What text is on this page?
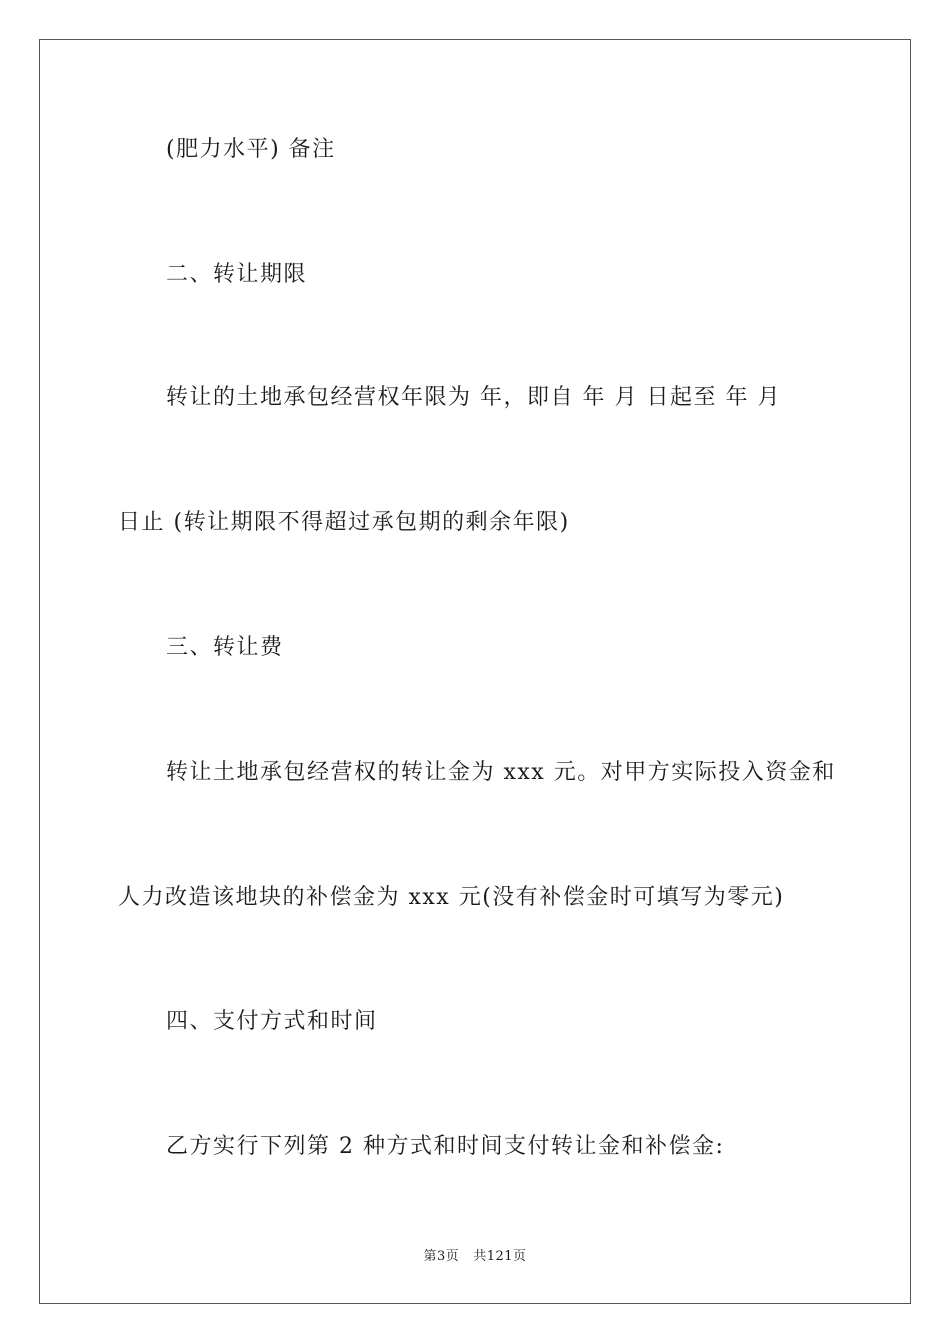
(肥力水平) 备注
二、转让期限
转让的土地承包经营权年限为 年，即自 年 月 日起至 年 月
日止 (转让期限不得超过承包期的剩余年限)
三、转让费
转让土地承包经营权的转让金为 xxx 元。对甲方实际投入资金和
人力改造该地块的补偿金为 xxx 元(没有补偿金时可填写为零元)
四、支付方式和时间
乙方实行下列第 2 种方式和时间支付转让金和补偿金:
第3页 共121页
